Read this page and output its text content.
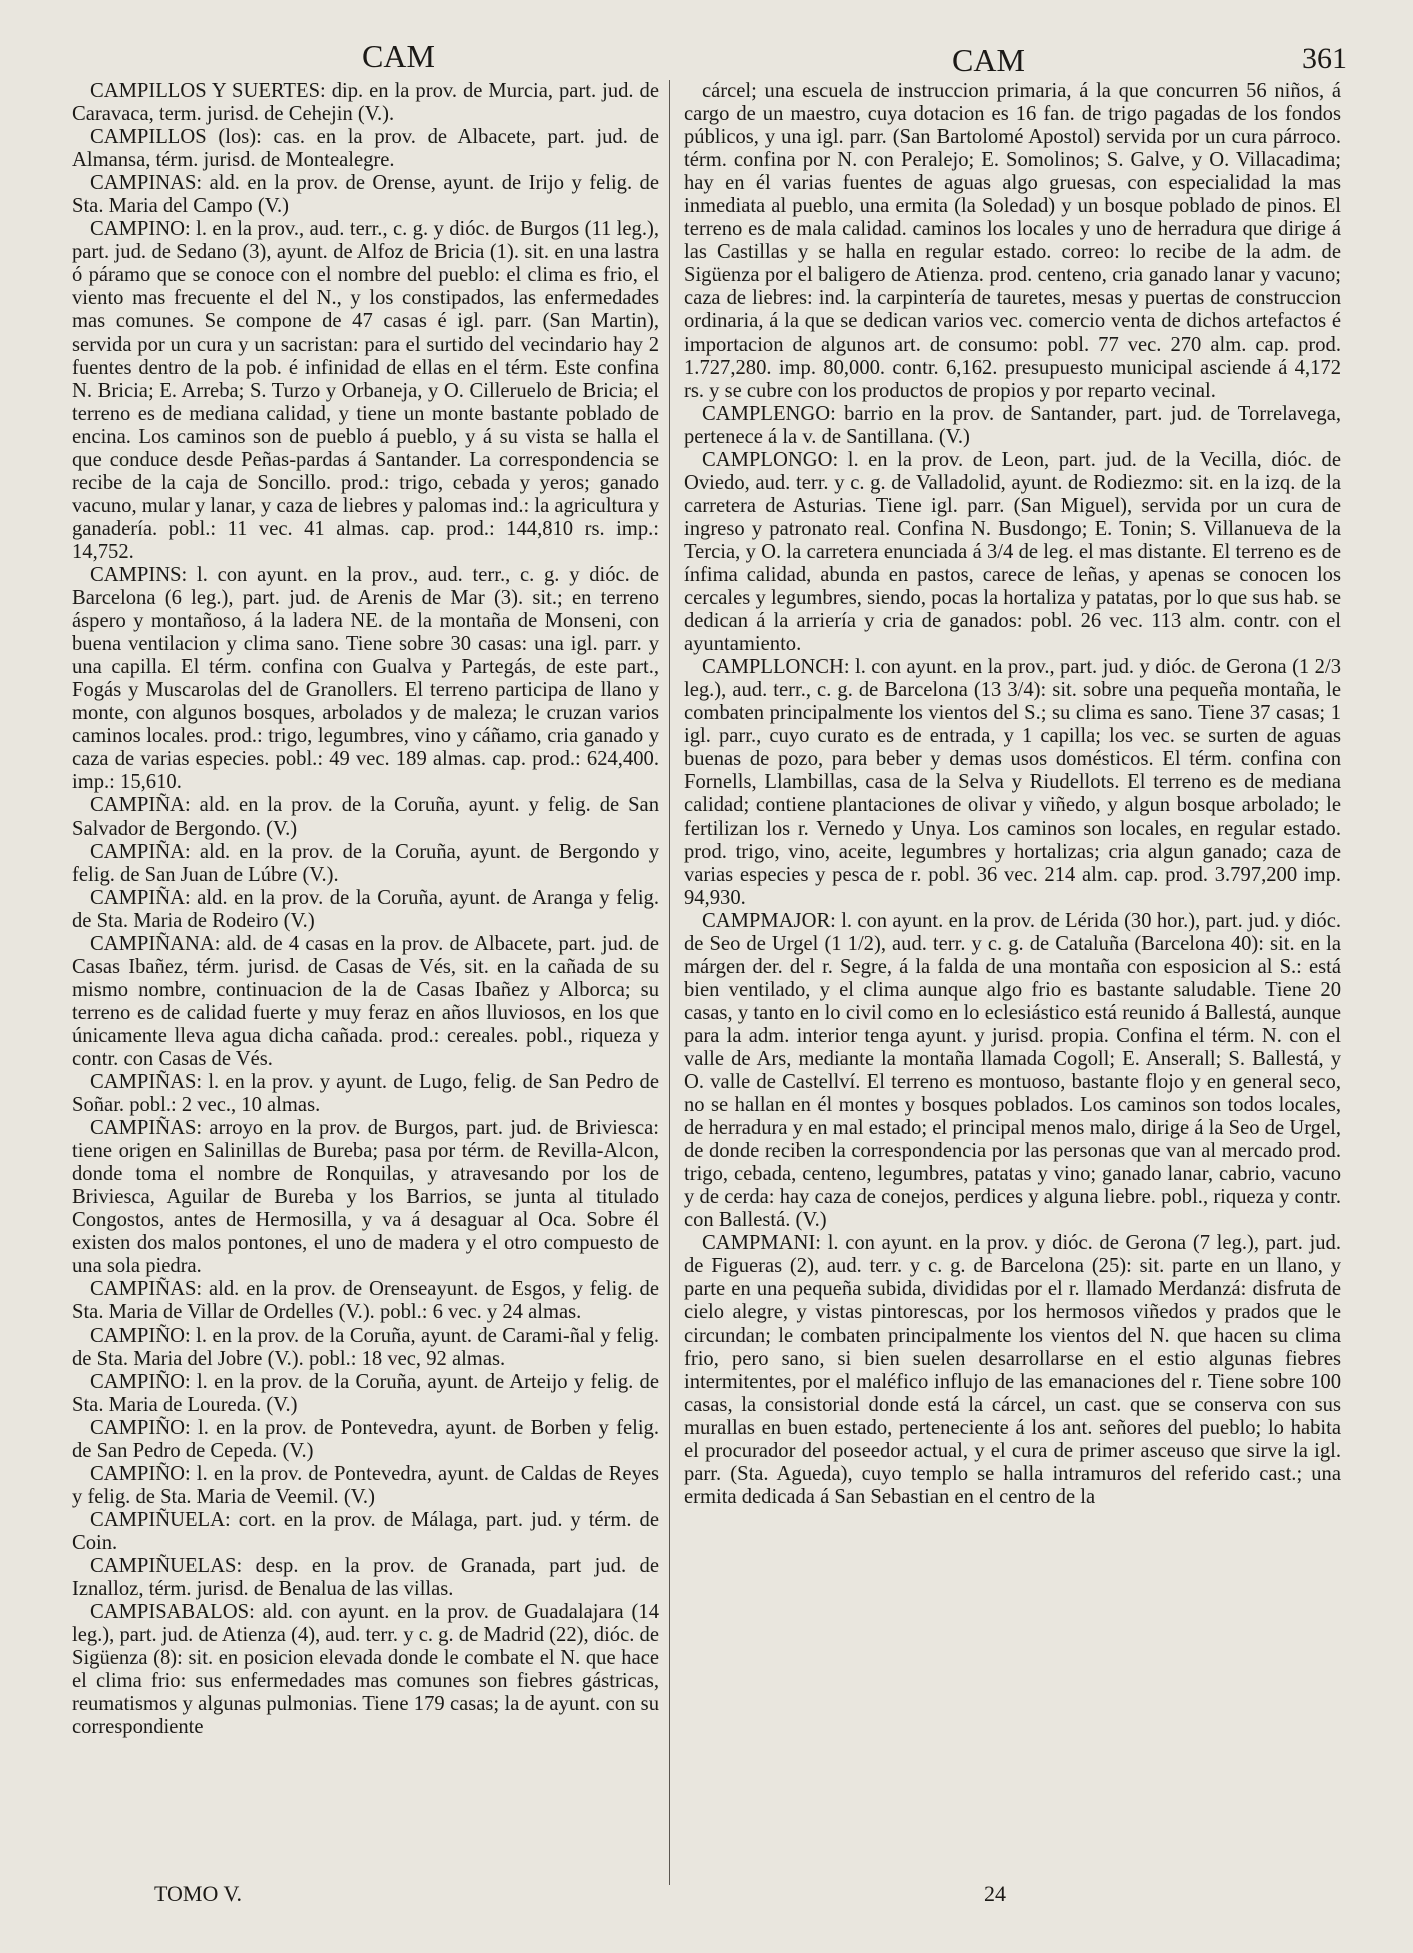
CAM	CAM	361

CAMPILLOS Y SUERTES: dip. en la prov. de Murcia, part. jud. de Caravaca, term. jurisd. de Cehejin (V.).

CAMPILLOS (los): cas. en la prov. de Albacete, part. jud. de Almansa, térm. jurisd. de Montealegre.

CAMPINAS: ald. en la prov. de Orense, ayunt. de Irijo y felig. de Sta. Maria del Campo (V.)

CAMPINO: l. en la prov., aud. terr., c. g. y dióc. de Burgos (11 leg.), part. jud. de Sedano (3), ayunt. de Alfoz de Bricia (1). sit. en una lastra ó páramo que se conoce con el nombre del pueblo: el clima es frio, el viento mas frecuente el del N., y los constipados, las enfermedades mas comunes. Se compone de 47 casas é igl. parr. (San Martin), servida por un cura y un sacristan: para el surtido del vecindario hay 2 fuentes dentro de la pob. é infinidad de ellas en el térm. Este confina N. Bricia; E. Arreba; S. Turzo y Orbaneja, y O. Cilleruelo de Bricia; el terreno es de mediana calidad, y tiene un monte bastante poblado de encina. Los caminos son de pueblo á pueblo, y á su vista se halla el que conduce desde Peñas-pardas á Santander. La correspondencia se recibe de la caja de Soncillo. prod.: trigo, cebada y yeros; ganado vacuno, mular y lanar, y caza de liebres y palomas ind.: la agricultura y ganadería. pobl.: 11 vec. 41 almas. cap. prod.: 144,810 rs. imp.: 14,752.

CAMPINS: l. con ayunt. en la prov., aud. terr., c. g. y dióc. de Barcelona (6 leg.), part. jud. de Arenis de Mar (3). sit.; en terreno áspero y montañoso, á la ladera NE. de la montaña de Monseni, con buena ventilacion y clima sano. Tiene sobre 30 casas: una igl. parr. y una capilla. El térm. confina con Gualva y Partegás, de este part., Fogás y Muscarolas del de Granollers. El terreno participa de llano y monte, con algunos bosques, arbolados y de maleza; le cruzan varios caminos locales. prod.: trigo, legumbres, vino y cáñamo, cria ganado y caza de varias especies. pobl.: 49 vec. 189 almas. cap. prod.: 624,400. imp.: 15,610.

CAMPIÑA: ald. en la prov. de la Coruña, ayunt. y felig. de San Salvador de Bergondo. (V.)

CAMPIÑA: ald. en la prov. de la Coruña, ayunt. de Bergondo y felig. de San Juan de Lúbre (V.).

CAMPIÑA: ald. en la prov. de la Coruña, ayunt. de Aranga y felig. de Sta. Maria de Rodeiro (V.)

CAMPIÑANA: ald. de 4 casas en la prov. de Albacete, part. jud. de Casas Ibañez, térm. jurisd. de Casas de Vés, sit. en la cañada de su mismo nombre, continuacion de la de Casas Ibañez y Alborca; su terreno es de calidad fuerte y muy feraz en años lluviosos, en los que únicamente lleva agua dicha cañada. prod.: cereales. pobl., riqueza y contr. con Casas de Vés.

CAMPIÑAS: l. en la prov. y ayunt. de Lugo, felig. de San Pedro de Soñar. pobl.: 2 vec., 10 almas.

CAMPIÑAS: arroyo en la prov. de Burgos, part. jud. de Briviesca: tiene origen en Salinillas de Bureba; pasa por térm. de Revilla-Alcon, donde toma el nombre de Ronquilas, y atravesando por los de Briviesca, Aguilar de Bureba y los Barrios, se junta al titulado Congostos, antes de Hermosilla, y va á desaguar al Oca. Sobre él existen dos malos pontones, el uno de madera y el otro compuesto de una sola piedra.

CAMPIÑAS: ald. en la prov. de Orenseayunt. de Esgos, y felig. de Sta. Maria de Villar de Ordelles (V.). pobl.: 6 vec. y 24 almas.

CAMPIÑO: l. en la prov. de la Coruña, ayunt. de Carami-ñal y felig. de Sta. Maria del Jobre (V.). pobl.: 18 vec, 92 almas.

CAMPIÑO: l. en la prov. de la Coruña, ayunt. de Arteijo y felig. de Sta. Maria de Loureda. (V.)

CAMPIÑO: l. en la prov. de Pontevedra, ayunt. de Borben y felig. de San Pedro de Cepeda. (V.)

CAMPIÑO: l. en la prov. de Pontevedra, ayunt. de Caldas de Reyes y felig. de Sta. Maria de Veemil. (V.)

CAMPIÑUELA: cort. en la prov. de Málaga, part. jud. y térm. de Coin.

CAMPIÑUELAS: desp. en la prov. de Granada, part jud. de Iznalloz, térm. jurisd. de Benalua de las villas.

CAMPISABALOS: ald. con ayunt. en la prov. de Guadalajara (14 leg.), part. jud. de Atienza (4), aud. terr. y c. g. de Madrid (22), dióc. de Sigüenza (8): sit. en posicion elevada donde le combate el N. que hace el clima frio: sus enfermedades mas comunes son fiebres gástricas, reumatismos y algunas pulmonias. Tiene 179 casas; la de ayunt. con su correspondiente

cárcel; una escuela de instruccion primaria, á la que concurren 56 niños, á cargo de un maestro, cuya dotacion es 16 fan. de trigo pagadas de los fondos públicos, y una igl. parr. (San Bartolomé Apostol) servida por un cura párroco. térm. confina por N. con Peralejo; E. Somolinos; S. Galve, y O. Villacadima; hay en él varias fuentes de aguas algo gruesas, con especialidad la mas inmediata al pueblo, una ermita (la Soledad) y un bosque poblado de pinos. El terreno es de mala calidad. caminos los locales y uno de herradura que dirige á las Castillas y se halla en regular estado. correo: lo recibe de la adm. de Sigüenza por el baligero de Atienza. prod. centeno, cria ganado lanar y vacuno; caza de liebres: ind. la carpintería de tauretes, mesas y puertas de construccion ordinaria, á la que se dedican varios vec. comercio venta de dichos artefactos é importacion de algunos art. de consumo: pobl. 77 vec. 270 alm. cap. prod. 1.727,280. imp. 80,000. contr. 6,162. presupuesto municipal asciende á 4,172 rs. y se cubre con los productos de propios y por reparto vecinal.

CAMPLENGO: barrio en la prov. de Santander, part. jud. de Torrelavega, pertenece á la v. de Santillana. (V.)

CAMPLONGO: l. en la prov. de Leon, part. jud. de la Vecilla, dióc. de Oviedo, aud. terr. y c. g. de Valladolid, ayunt. de Rodiezmo: sit. en la izq. de la carretera de Asturias. Tiene igl. parr. (San Miguel), servida por un cura de ingreso y patronato real. Confina N. Busdongo; E. Tonin; S. Villanueva de la Tercia, y O. la carretera enunciada á 3/4 de leg. el mas distante. El terreno es de ínfima calidad, abunda en pastos, carece de leñas, y apenas se conocen los cercales y legumbres, siendo, pocas la hortaliza y patatas, por lo que sus hab. se dedican á la arriería y cria de ganados: pobl. 26 vec. 113 alm. contr. con el ayuntamiento.

CAMPLLONCH: l. con ayunt. en la prov., part. jud. y dióc. de Gerona (1 2/3 leg.), aud. terr., c. g. de Barcelona (13 3/4): sit. sobre una pequeña montaña, le combaten principalmente los vientos del S.; su clima es sano. Tiene 37 casas; 1 igl. parr., cuyo curato es de entrada, y 1 capilla; los vec. se surten de aguas buenas de pozo, para beber y demas usos domésticos. El térm. confina con Fornells, Llambillas, casa de la Selva y Riudellots. El terreno es de mediana calidad; contiene plantaciones de olivar y viñedo, y algun bosque arbolado; le fertilizan los r. Vernedo y Unya. Los caminos son locales, en regular estado. prod. trigo, vino, aceite, legumbres y hortalizas; cria algun ganado; caza de varias especies y pesca de r. pobl. 36 vec. 214 alm. cap. prod. 3.797,200 imp. 94,930.

CAMPMAJOR: l. con ayunt. en la prov. de Lérida (30 hor.), part. jud. y dióc. de Seo de Urgel (1 1/2), aud. terr. y c. g. de Cataluña (Barcelona 40): sit. en la márgen der. del r. Segre, á la falda de una montaña con esposicion al S.: está bien ventilado, y el clima aunque algo frio es bastante saludable. Tiene 20 casas, y tanto en lo civil como en lo eclesiástico está reunido á Ballestá, aunque para la adm. interior tenga ayunt. y jurisd. propia. Confina el térm. N. con el valle de Ars, mediante la montaña llamada Cogoll; E. Anserall; S. Ballestá, y O. valle de Castellví. El terreno es montuoso, bastante flojo y en general seco, no se hallan en él montes y bosques poblados. Los caminos son todos locales, de herradura y en mal estado; el principal menos malo, dirige á la Seo de Urgel, de donde reciben la correspondencia por las personas que van al mercado prod. trigo, cebada, centeno, legumbres, patatas y vino; ganado lanar, cabrio, vacuno y de cerda: hay caza de conejos, perdices y alguna liebre. pobl., riqueza y contr. con Ballestá. (V.)

CAMPMANI: l. con ayunt. en la prov. y dióc. de Gerona (7 leg.), part. jud. de Figueras (2), aud. terr. y c. g. de Barcelona (25): sit. parte en un llano, y parte en una pequeña subida, divididas por el r. llamado Merdanzá: disfruta de cielo alegre, y vistas pintorescas, por los hermosos viñedos y prados que le circundan; le combaten principalmente los vientos del N. que hacen su clima frio, pero sano, si bien suelen desarrollarse en el estio algunas fiebres intermitentes, por el maléfico influjo de las emanaciones del r. Tiene sobre 100 casas, la consistorial donde está la cárcel, un cast. que se conserva con sus murallas en buen estado, perteneciente á los ant. señores del pueblo; lo habita el procurador del poseedor actual, y el cura de primer asceuso que sirve la igl. parr. (Sta. Agueda), cuyo templo se halla intramuros del referido cast.; una ermita dedicada á San Sebastian en el centro de la

TOMO V.	24
